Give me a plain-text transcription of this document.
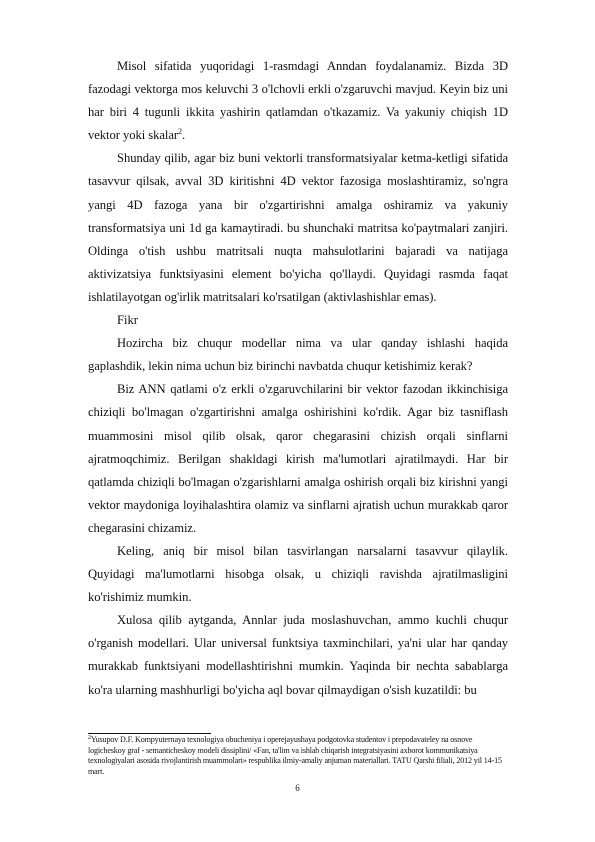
Misol sifatida yuqoridagi 1-rasmdagi Anndan foydalanamiz. Bizda 3D fazodagi vektorga mos keluvchi 3 o'lchovli erkli o'zgaruvchi mavjud. Keyin biz uni har biri 4 tugunli ikkita yashirin qatlamdan o'tkazamiz. Va yakuniy chiqish 1D vektor yoki skalar$^2$.

Shunday qilib, agar biz buni vektorli transformatsiyalar ketma-ketligi sifatida tasavvur qilsak, avval 3D kiritishni 4D vektor fazosiga moslashtiramiz, so'ngra yangi 4D fazoga yana bir o'zgartirishni amalga oshiramiz va yakuniy transformatsiya uni 1d ga kamaytiradi. bu shunchaki matritsa ko'paytmalari zanjiri. Oldinga o'tish ushbu matritsali nuqta mahsulotlarini bajaradi va natijaga aktivizatsiya funktsiyasini element bo'yicha qo'llaydi. Quyidagi rasmda faqat ishlatilayotgan og'irlik matritsalari ko'rsatilgan (aktivlashishlar emas).

Fikr

Hozircha biz chuqur modellar nima va ular qanday ishlashi haqida gaplashdik, lekin nima uchun biz birinchi navbatda chuqur ketishimiz kerak?

Biz ANN qatlami o'z erkli o'zgaruvchilarini bir vektor fazodan ikkinchisiga chiziqli bo'lmagan o'zgartirishni amalga oshirishini ko'rdik. Agar biz tasniflash muammosini misol qilib olsak, qaror chegarasini chizish orqali sinflarni ajratmoqchimiz. Berilgan shakldagi kirish ma'lumotlari ajratilmaydi. Har bir qatlamda chiziqli bo'lmagan o'zgarishlarni amalga oshirish orqali biz kirishni yangi vektor maydoniga loyihalashtira olamiz va sinflarni ajratish uchun murakkab qaror chegarasini chizamiz.

Keling, aniq bir misol bilan tasvirlangan narsalarni tasavvur qilaylik. Quyidagi ma'lumotlarni hisobga olsak, u chiziqli ravishda ajratilmasligini ko'rishimiz mumkin.

Xulosa qilib aytganda, Annlar juda moslashuvchan, ammo kuchli chuqur o'rganish modellari. Ular universal funktsiya taxminchilari, ya'ni ular har qanday murakkab funktsiyani modellashtirishni mumkin. Yaqinda bir nechta sabablarga ko'ra ularning mashhurligi bo'yicha aql bovar qilmaydigan o'sish kuzatildi: bu

$^2$Yusupov D.F. Kompyuternaya texnologiya obucheniya i operejayushaya podgotovka studentov i prepodavateley na osnove logicheskoy graf - semanticheskoy modeli dissiplini/ «Fan, ta'lim va ishlab chiqarish integratsiyasini axborot kommunikatsiya texnologiyalari asosida rivojlantirish muammolari» respublika ilmiy-amaliy anjuman materiallari. TATU Qarshi filiali, 2012 yil 14-15 mart.
6
